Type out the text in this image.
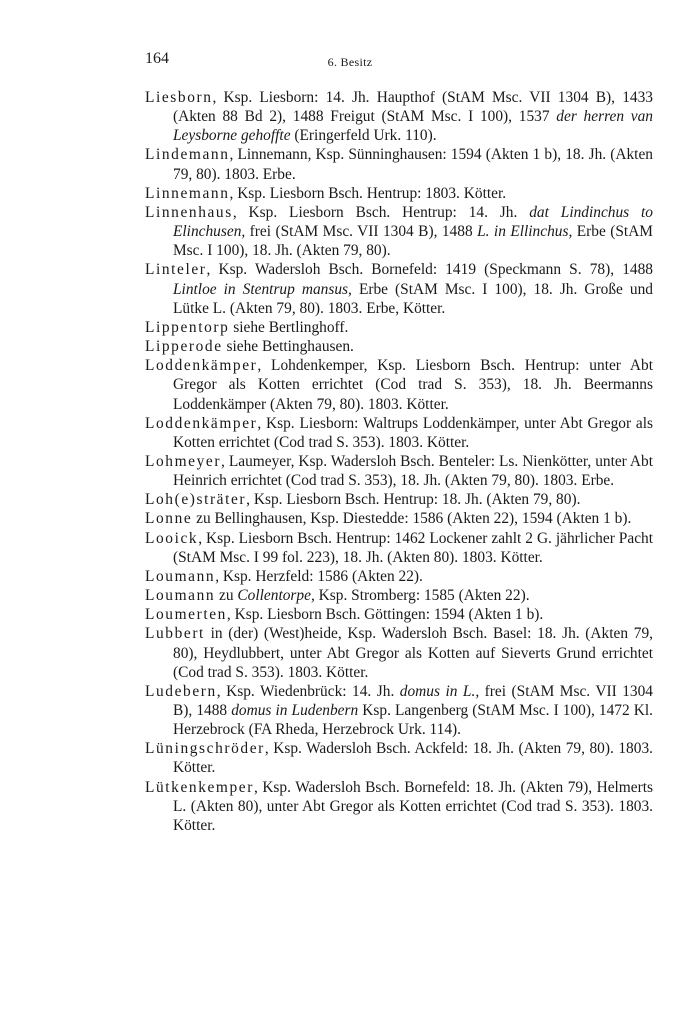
164	6. Besitz

Liesborn, Ksp. Liesborn: 14. Jh. Haupthof (StAM Msc. VII 1304 B), 1433 (Akten 88 Bd 2), 1488 Freigut (StAM Msc. I 100), 1537 der herren van Leysborne gehoffte (Eringerfeld Urk. 110).

Lindemann, Linnemann, Ksp. Sünninghausen: 1594 (Akten 1 b), 18. Jh. (Akten 79, 80). 1803. Erbe.

Linnemann, Ksp. Liesborn Bsch. Hentrup: 1803. Kötter.

Linnenhaus, Ksp. Liesborn Bsch. Hentrup: 14. Jh. dat Lindinchus to Elinchusen, frei (StAM Msc. VII 1304 B), 1488 L. in Ellinchus, Erbe (StAM Msc. I 100), 18. Jh. (Akten 79, 80).

Linteler, Ksp. Wadersloh Bsch. Bornefeld: 1419 (Speckmann S. 78), 1488 Lintloe in Stentrup mansus, Erbe (StAM Msc. I 100), 18. Jh. Große und Lütke L. (Akten 79, 80). 1803. Erbe, Kötter.

Lippentorp siehe Bertlinghoff.

Lipperode siehe Bettinghausen.

Loddenkämper, Lohdenkemper, Ksp. Liesborn Bsch. Hentrup: unter Abt Gregor als Kotten errichtet (Cod trad S. 353), 18. Jh. Beermanns Loddenkämper (Akten 79, 80). 1803. Kötter.

Loddenkämper, Ksp. Liesborn: Waltrups Loddenkämper, unter Abt Gregor als Kotten errichtet (Cod trad S. 353). 1803. Kötter.

Lohmeyer, Laumeyer, Ksp. Wadersloh Bsch. Benteler: Ls. Nienkötter, unter Abt Heinrich errichtet (Cod trad S. 353), 18. Jh. (Akten 79, 80). 1803. Erbe.

Loh(e)sträter, Ksp. Liesborn Bsch. Hentrup: 18. Jh. (Akten 79, 80).

Lonne zu Bellinghausen, Ksp. Diestedde: 1586 (Akten 22), 1594 (Akten 1 b).

Looick, Ksp. Liesborn Bsch. Hentrup: 1462 Lockener zahlt 2 G. jährlicher Pacht (StAM Msc. I 99 fol. 223), 18. Jh. (Akten 80). 1803. Kötter.

Loumann, Ksp. Herzfeld: 1586 (Akten 22).

Loumann zu Collentorpe, Ksp. Stromberg: 1585 (Akten 22).

Loumerten, Ksp. Liesborn Bsch. Göttingen: 1594 (Akten 1 b).

Lubbert in (der) (West)heide, Ksp. Wadersloh Bsch. Basel: 18. Jh. (Akten 79, 80), Heydlubbert, unter Abt Gregor als Kotten auf Sieverts Grund errichtet (Cod trad S. 353). 1803. Kötter.

Ludebern, Ksp. Wiedenbrück: 14. Jh. domus in L., frei (StAM Msc. VII 1304 B), 1488 domus in Ludenbern Ksp. Langenberg (StAM Msc. I 100), 1472 Kl. Herzebrock (FA Rheda, Herzebrock Urk. 114).

Lüningschröder, Ksp. Wadersloh Bsch. Ackfeld: 18. Jh. (Akten 79, 80). 1803. Kötter.

Lütkenkemper, Ksp. Wadersloh Bsch. Bornefeld: 18. Jh. (Akten 79), Helmerts L. (Akten 80), unter Abt Gregor als Kotten errichtet (Cod trad S. 353). 1803. Kötter.
